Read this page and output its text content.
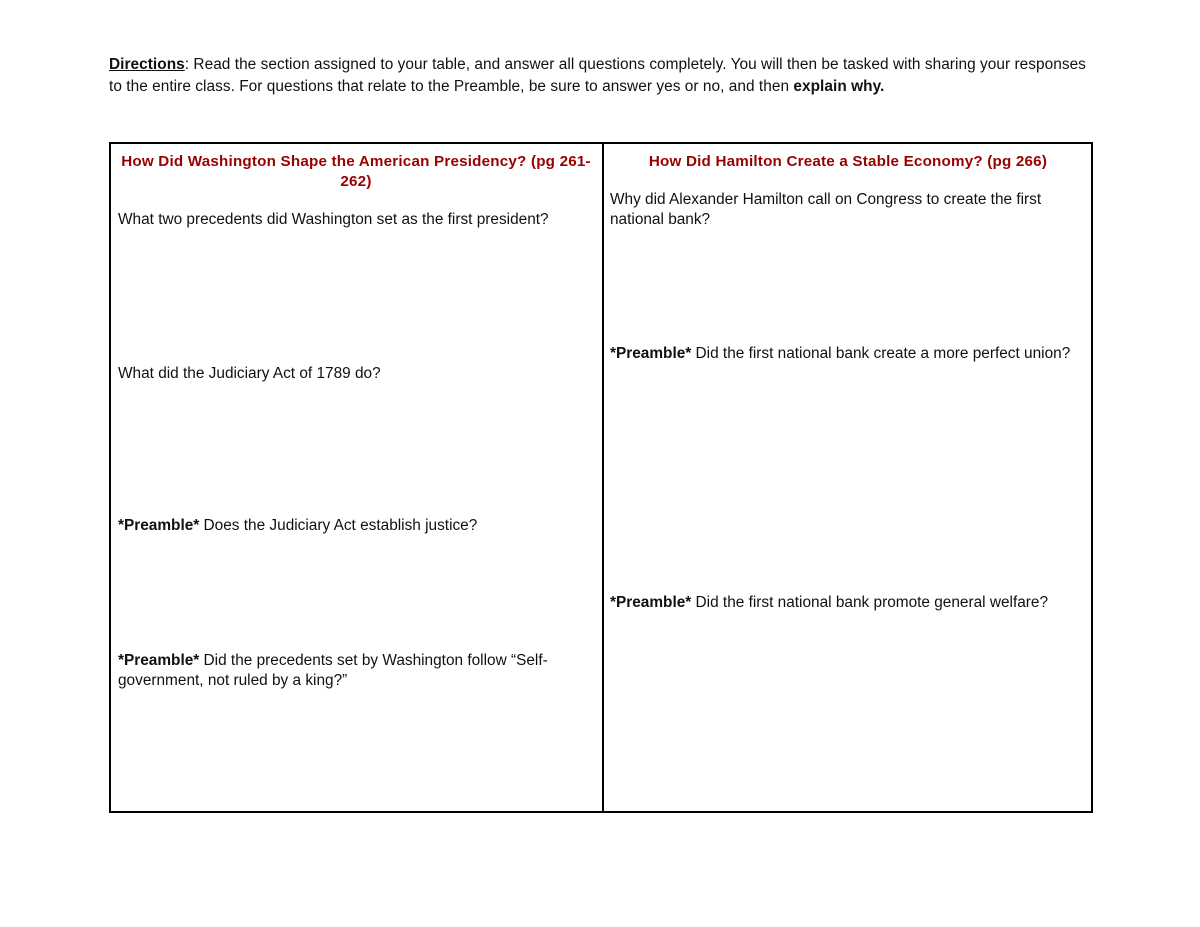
Directions: Read the section assigned to your table, and answer all questions completely. You will then be tasked with sharing your responses to the entire class. For questions that relate to the Preamble, be sure to answer yes or no, and then explain why.
How Did Washington Shape the American Presidency? (pg 261-262)
What two precedents did Washington set as the first president?
What did the Judiciary Act of 1789 do?
*Preamble* Does the Judiciary Act establish justice?
*Preamble* Did the precedents set by Washington follow “Self-government, not ruled by a king?”

How Did Hamilton Create a Stable Economy? (pg 266)
Why did Alexander Hamilton call on Congress to create the first national bank?
*Preamble* Did the first national bank create a more perfect union?
*Preamble* Did the first national bank promote general welfare?
